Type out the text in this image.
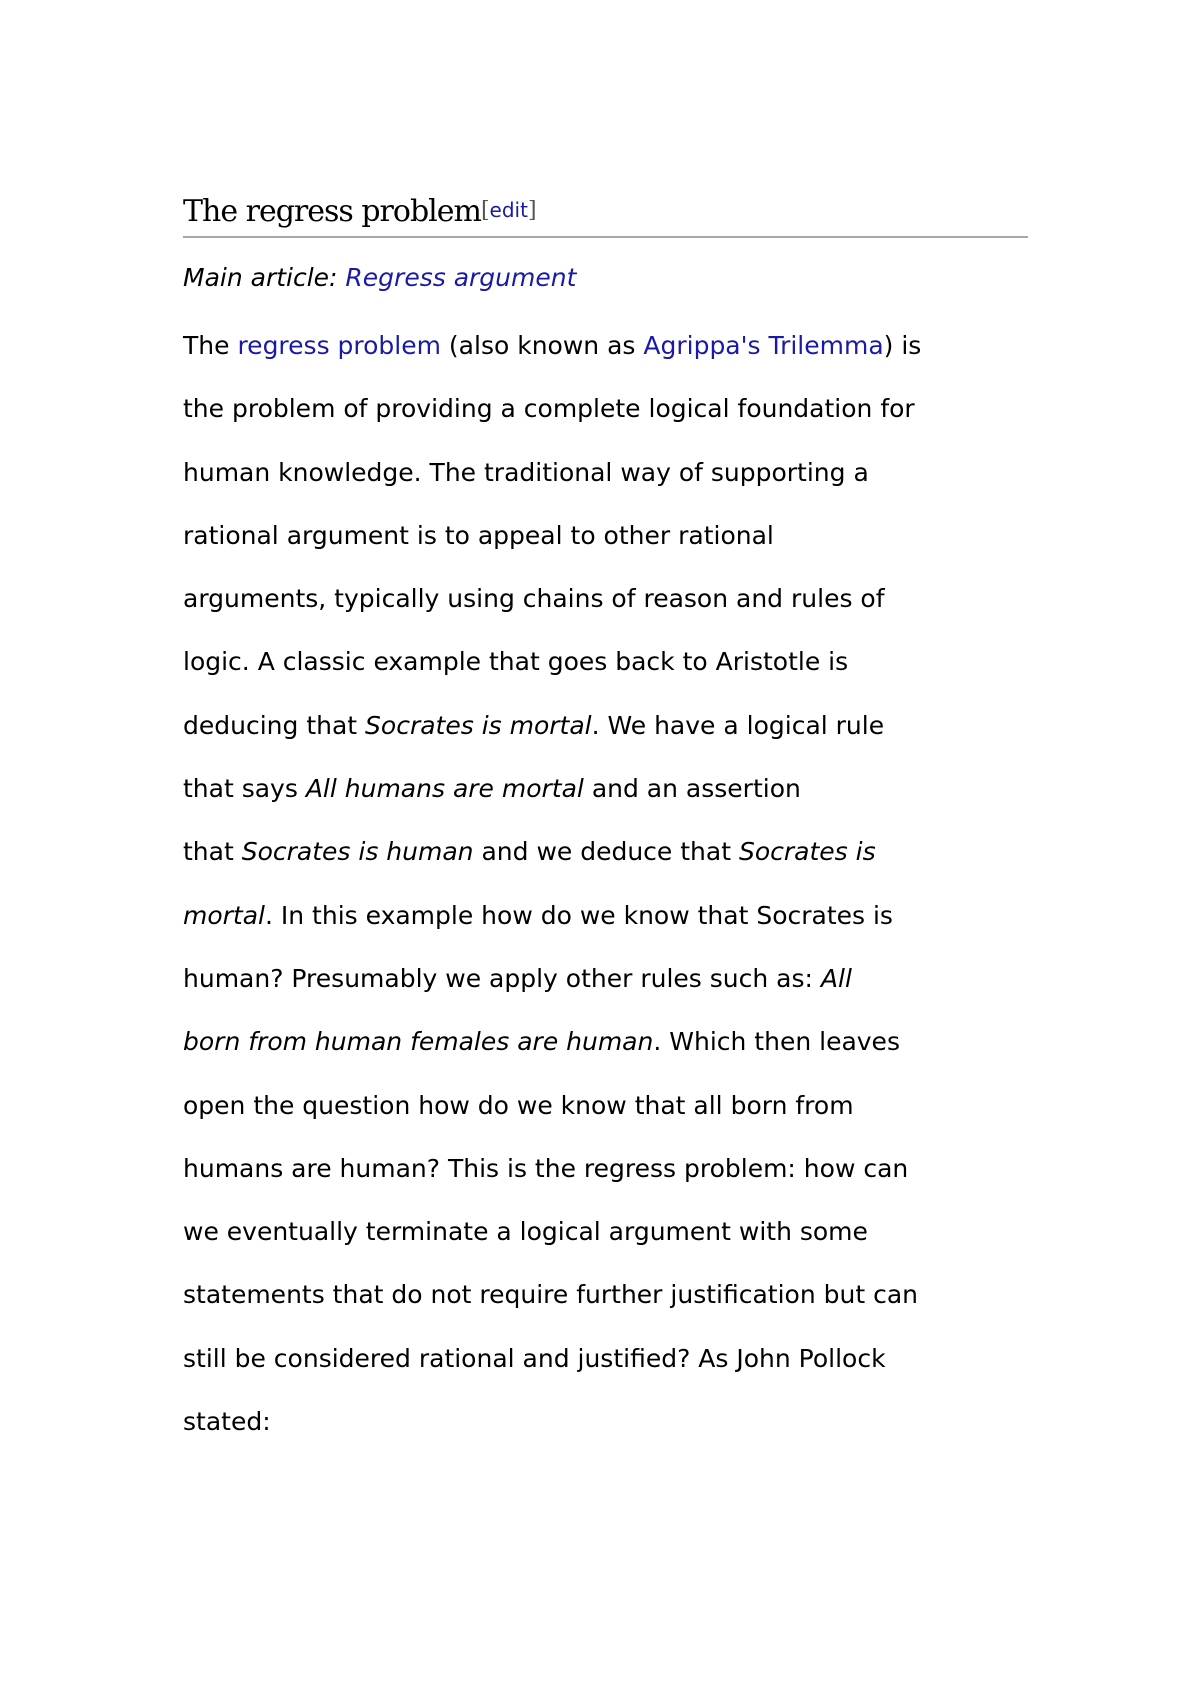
The regress problem[edit]
Main article: Regress argument
The regress problem (also known as Agrippa's Trilemma) is
the problem of providing a complete logical foundation for
human knowledge. The traditional way of supporting a
rational argument is to appeal to other rational
arguments, typically using chains of reason and rules of
logic. A classic example that goes back to Aristotle is
deducing that Socrates is mortal. We have a logical rule
that says All humans are mortal and an assertion
that Socrates is human and we deduce that Socrates is
mortal. In this example how do we know that Socrates is
human? Presumably we apply other rules such as: All
born from human females are human. Which then leaves
open the question how do we know that all born from
humans are human? This is the regress problem: how can
we eventually terminate a logical argument with some
statements that do not require further justification but can
still be considered rational and justified? As John Pollock
stated:
